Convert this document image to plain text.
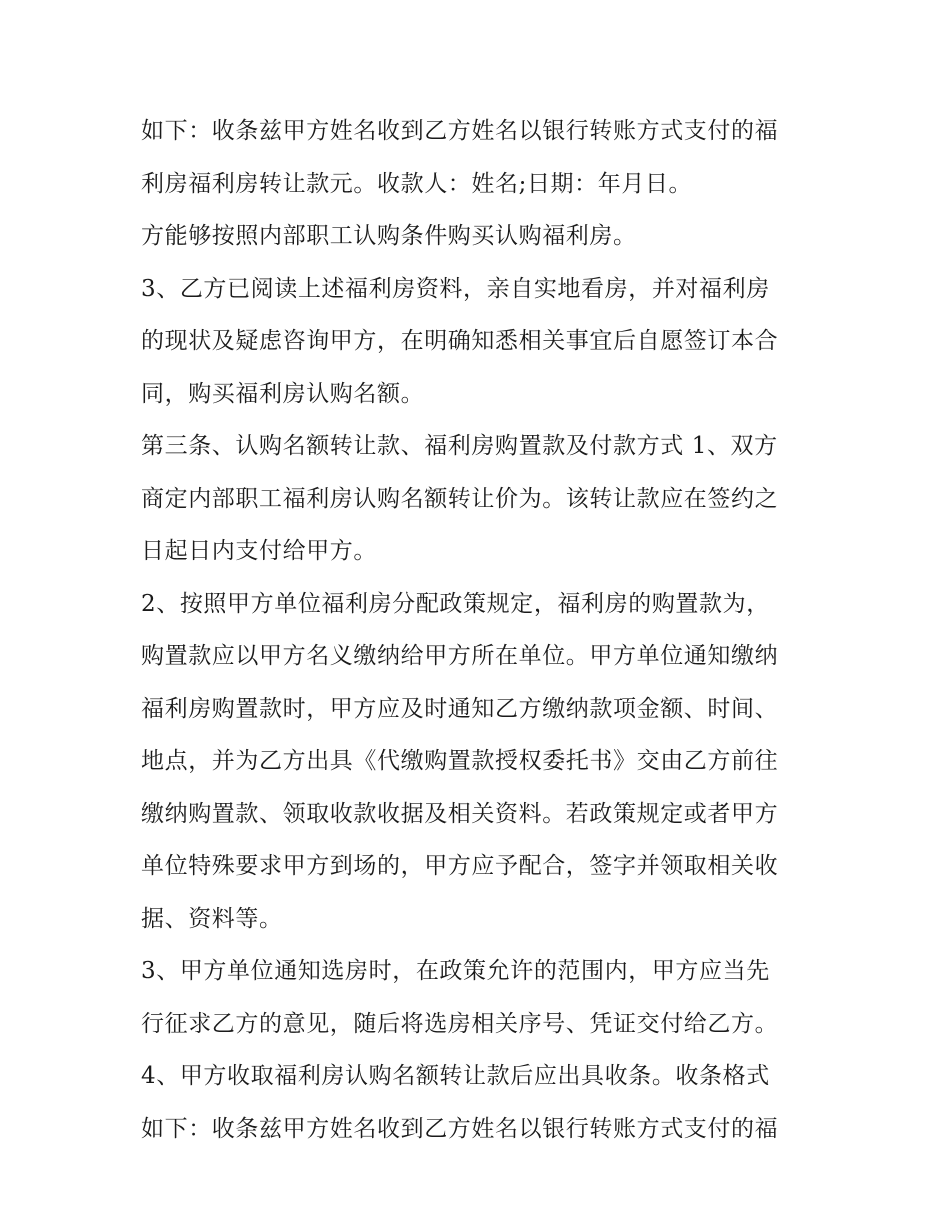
如下：收条兹甲方姓名收到乙方姓名以银行转账方式支付的福
利房福利房转让款元。收款人：姓名;日期：年月日。
方能够按照内部职工认购条件购买认购福利房。
3、乙方已阅读上述福利房资料，亲自实地看房，并对福利房
的现状及疑虑咨询甲方，在明确知悉相关事宜后自愿签订本合
同，购买福利房认购名额。
第三条、认购名额转让款、福利房购置款及付款方式 1、双方
商定内部职工福利房认购名额转让价为。该转让款应在签约之
日起日内支付给甲方。
2、按照甲方单位福利房分配政策规定，福利房的购置款为，
购置款应以甲方名义缴纳给甲方所在单位。甲方单位通知缴纳
福利房购置款时，甲方应及时通知乙方缴纳款项金额、时间、
地点，并为乙方出具《代缴购置款授权委托书》交由乙方前往
缴纳购置款、领取收款收据及相关资料。若政策规定或者甲方
单位特殊要求甲方到场的，甲方应予配合，签字并领取相关收
据、资料等。
3、甲方单位通知选房时，在政策允许的范围内，甲方应当先
行征求乙方的意见，随后将选房相关序号、凭证交付给乙方。
4、甲方收取福利房认购名额转让款后应出具收条。收条格式
如下：收条兹甲方姓名收到乙方姓名以银行转账方式支付的福
